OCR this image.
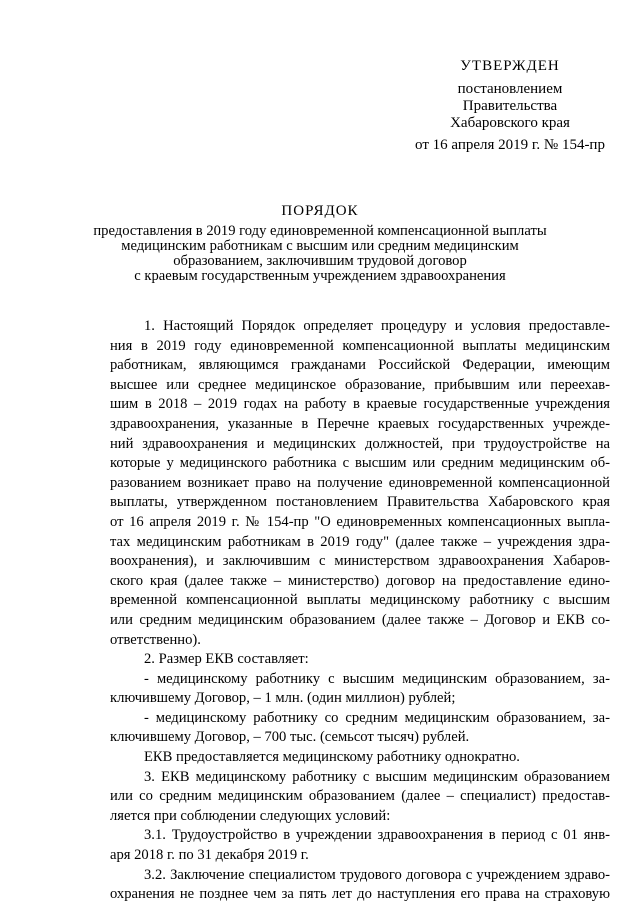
УТВЕРЖДЕН
постановлением
Правительства
Хабаровского края
от 16 апреля 2019 г. № 154-пр
ПОРЯДОК
предоставления в 2019 году единовременной компенсационной выплаты
медицинским работникам с высшим или средним медицинским
образованием, заключившим трудовой договор
с краевым государственным учреждением здравоохранения
1. Настоящий Порядок определяет процедуру и условия предоставле-
ния в 2019 году единовременной компенсационной выплаты медицинским
работникам, являющимся гражданами Российской Федерации, имеющим
высшее или среднее медицинское образование, прибывшим или переехав-
шим в 2018 – 2019 годах на работу в краевые государственные учреждения
здравоохранения, указанные в Перечне краевых государственных учрежде-
ний здравоохранения и медицинских должностей, при трудоустройстве на
которые у медицинского работника с высшим или средним медицинским об-
разованием возникает право на получение единовременной компенсационной
выплаты, утвержденном постановлением Правительства Хабаровского края
от 16 апреля 2019 г. № 154-пр "О единовременных компенсационных выпла-
тах медицинским работникам в 2019 году" (далее также – учреждения здра-
воохранения), и заключившим с министерством здравоохранения Хабаров-
ского края (далее также – министерство) договор на предоставление едино-
временной компенсационной выплаты медицинскому работнику с высшим
или средним медицинским образованием (далее также – Договор и ЕКВ со-
ответственно).
2. Размер ЕКВ составляет:
- медицинскому работнику с высшим медицинским образованием, за-
ключившему Договор, – 1 млн. (один миллион) рублей;
- медицинскому работнику со средним медицинским образованием, за-
ключившему Договор, – 700 тыс. (семьсот тысяч) рублей.
ЕКВ предоставляется медицинскому работнику однократно.
3. ЕКВ медицинскому работнику с высшим медицинским образованием
или со средним медицинским образованием (далее – специалист) предостав-
ляется при соблюдении следующих условий:
3.1. Трудоустройство в учреждении здравоохранения в период с 01 янв-
аря 2018 г. по 31 декабря 2019 г.
3.2. Заключение специалистом трудового договора с учреждением здраво-
охранения не позднее чем за пять лет до наступления его права на страховую
